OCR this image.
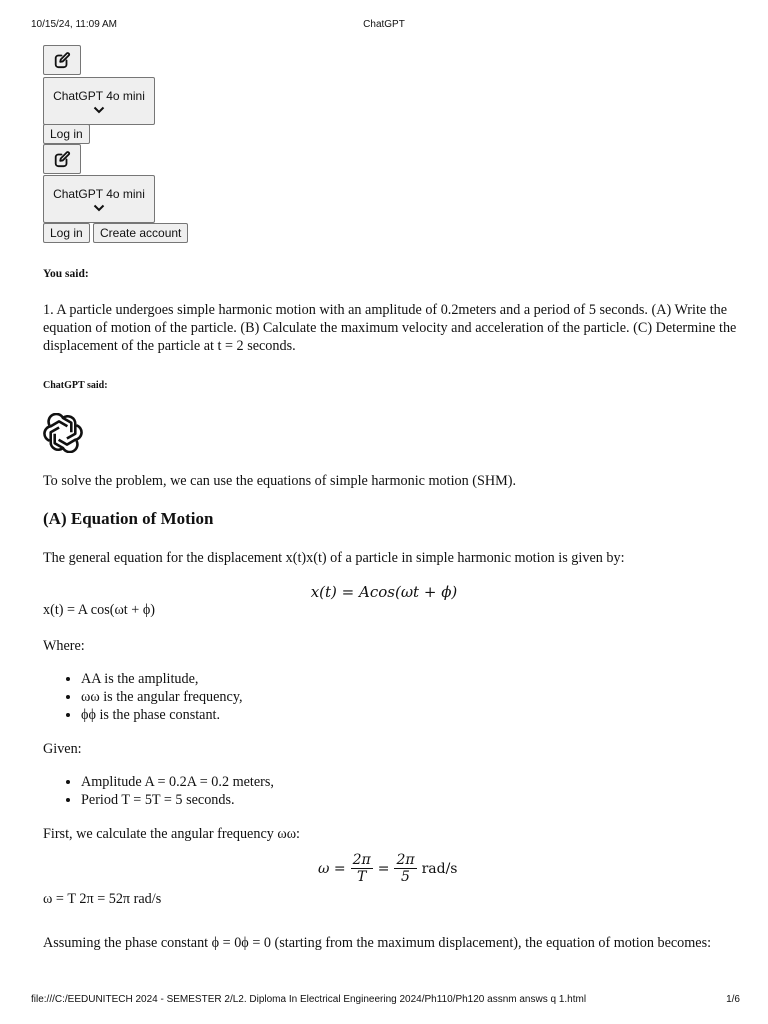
10/15/24, 11:09 AM	ChatGPT
ChatGPT 4o mini
Log in
ChatGPT 4o mini
Log in Create account
You said:
1. A particle undergoes simple harmonic motion with an amplitude of 0.2meters and a period of 5 seconds. (A) Write the equation of motion of the particle. (B) Calculate the maximum velocity and acceleration of the particle. (C) Determine the displacement of the particle at t = 2 seconds.
ChatGPT said:
To solve the problem, we can use the equations of simple harmonic motion (SHM).
(A) Equation of Motion
The general equation for the displacement x(t)x(t) of a particle in simple harmonic motion is given by:
x(t) = Acos(ωt + ϕ)
x(t) = A cos(ωt + ϕ)
Where:
• AA is the amplitude,
• ωω is the angular frequency,
• ϕϕ is the phase constant.
Given:
• Amplitude A = 0.2A = 0.2 meters,
• Period T = 5T = 5 seconds.
First, we calculate the angular frequency ωω:
$\omega = \frac{2\pi}{T} = \frac{2\pi}{5} rad/s$
ω = T 2π = 52π rad/s
Assuming the phase constant ϕ = 0ϕ = 0 (starting from the maximum displacement), the equation of motion becomes:
file:///C:/EEDUNITECH 2024 - SEMESTER 2/L2. Diploma In Electrical Engineering 2024/Ph110/Ph120 assnm answs q 1.html	1/6
